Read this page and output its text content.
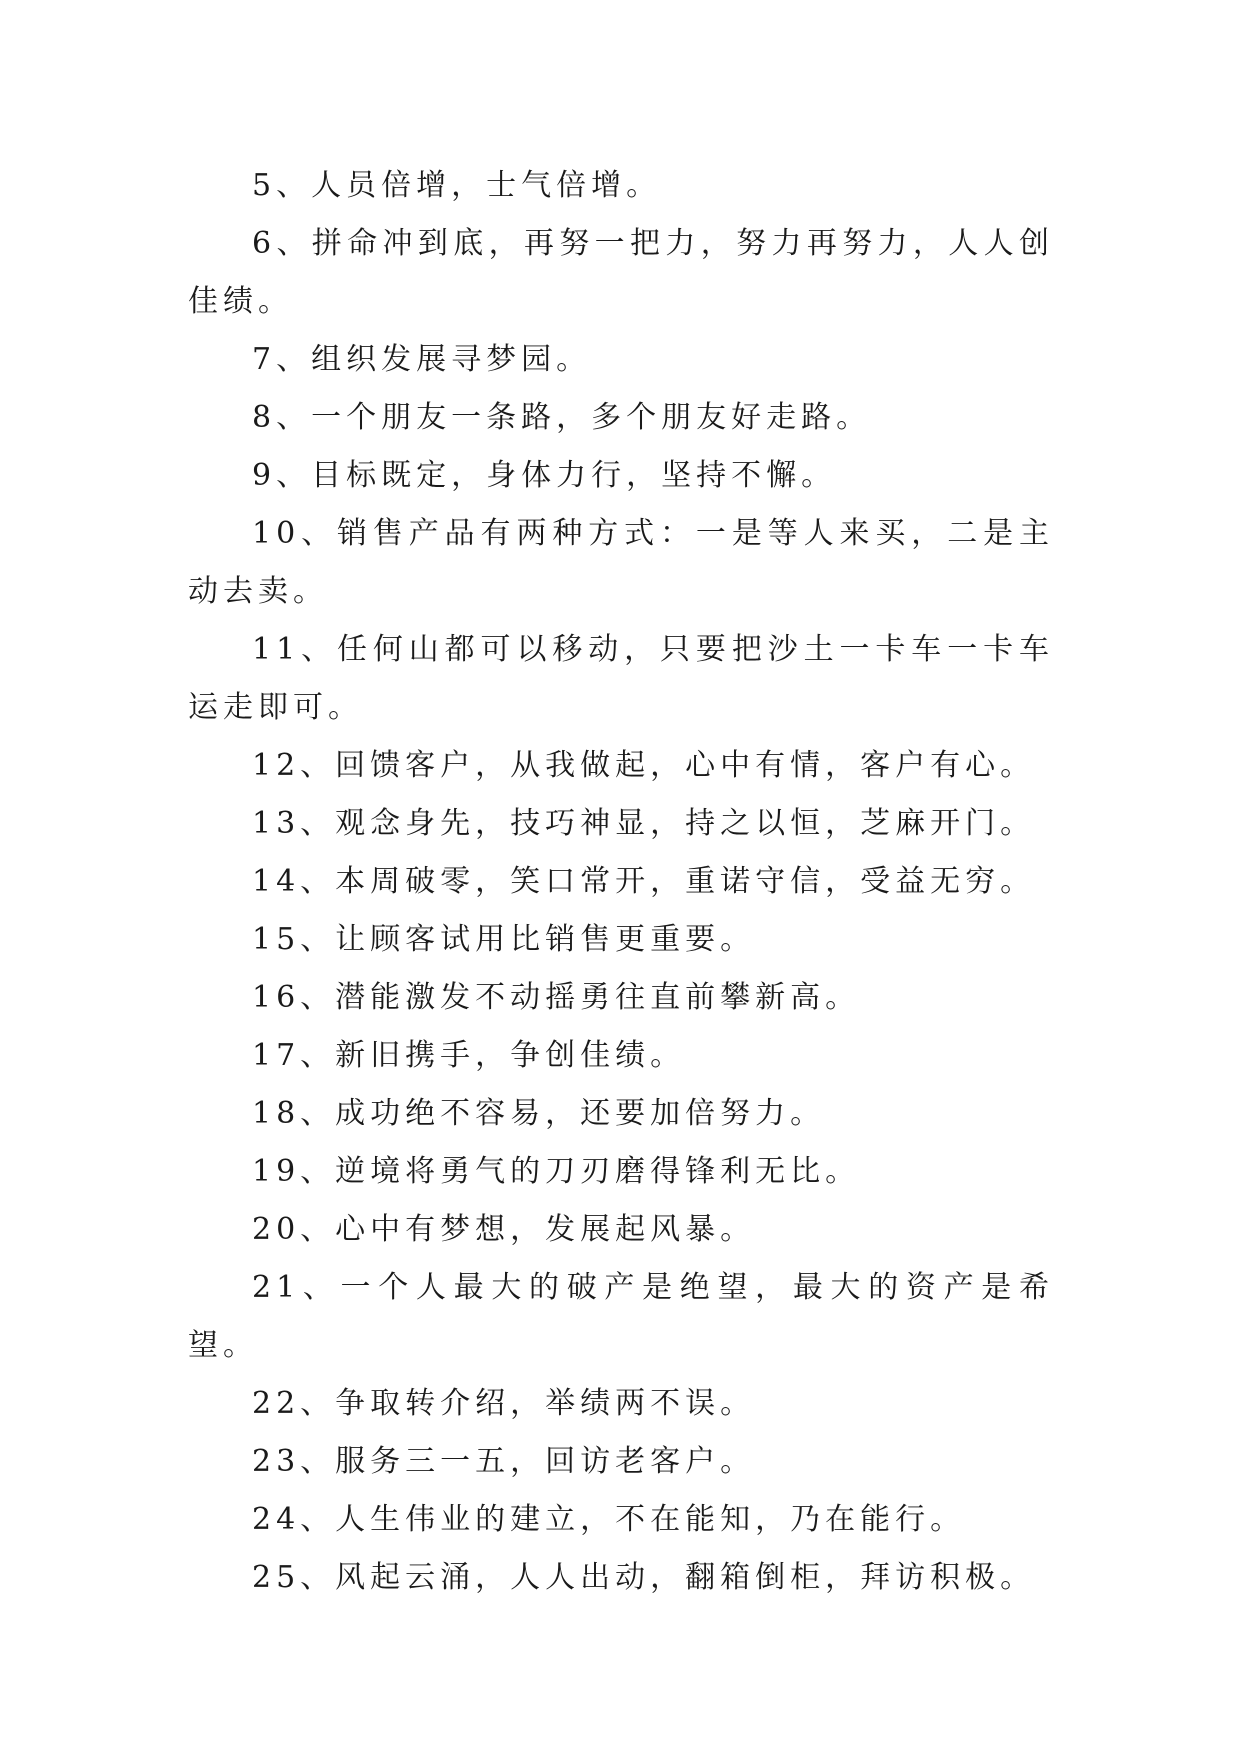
5、人员倍增，士气倍增。

6、拼命冲到底，再努一把力，努力再努力，人人创佳绩。

7、组织发展寻梦园。

8、一个朋友一条路，多个朋友好走路。

9、目标既定，身体力行，坚持不懈。

10、销售产品有两种方式：一是等人来买，二是主动去卖。

11、任何山都可以移动，只要把沙土一卡车一卡车运走即可。

12、回馈客户，从我做起，心中有情，客户有心。

13、观念身先，技巧神显，持之以恒，芝麻开门。

14、本周破零，笑口常开，重诺守信，受益无穷。

15、让顾客试用比销售更重要。

16、潜能激发不动摇勇往直前攀新高。

17、新旧携手，争创佳绩。

18、成功绝不容易，还要加倍努力。

19、逆境将勇气的刀刃磨得锋利无比。

20、心中有梦想，发展起风暴。

21、一个人最大的破产是绝望，最大的资产是希望。

22、争取转介绍，举绩两不误。

23、服务三一五，回访老客户。

24、人生伟业的建立，不在能知，乃在能行。

25、风起云涌，人人出动，翻箱倒柜，拜访积极。
